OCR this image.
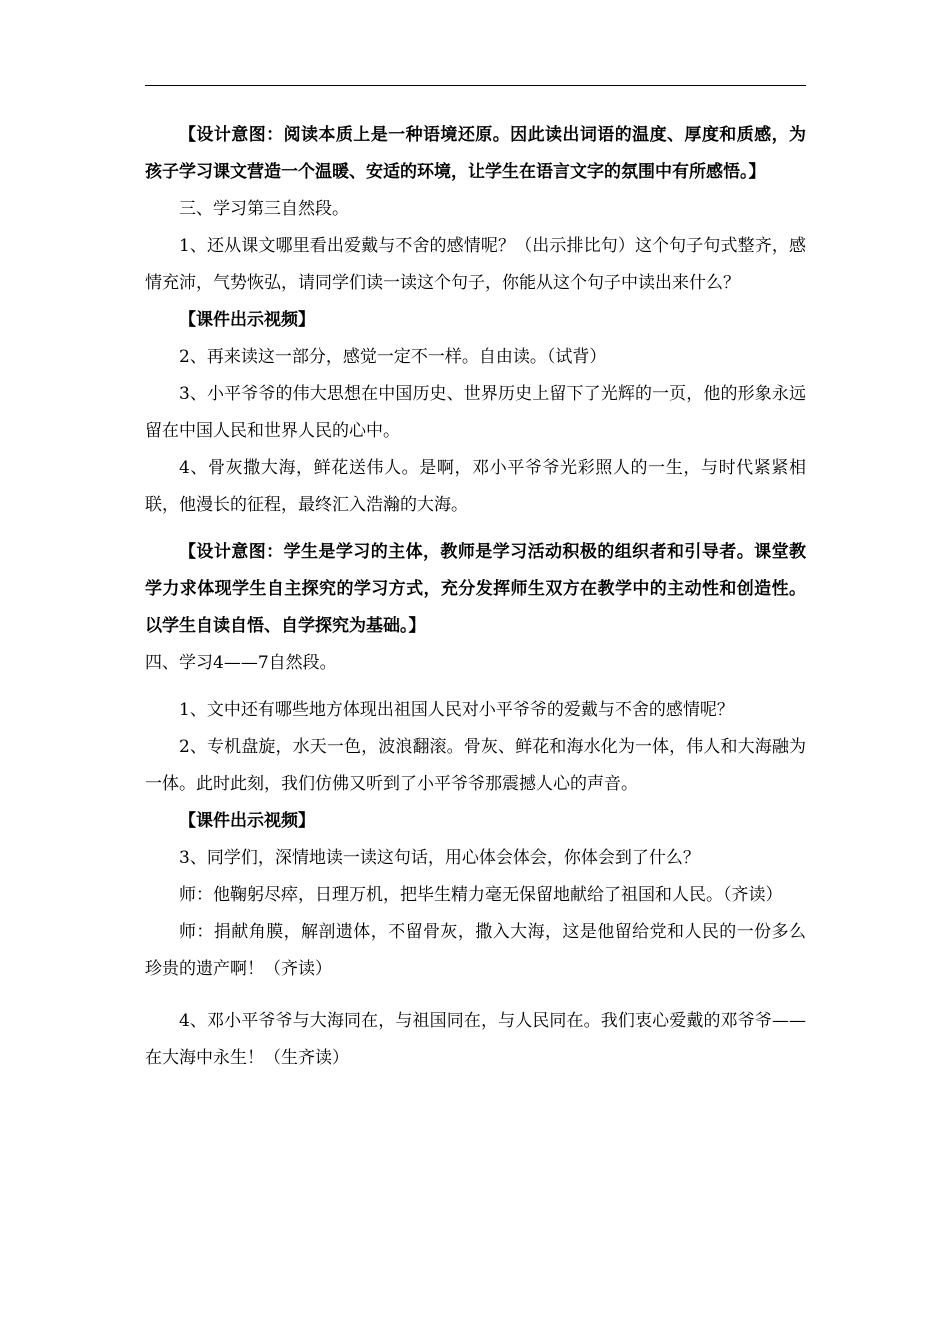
【设计意图：阅读本质上是一种语境还原。因此读出词语的温度、厚度和质感，为孩子学习课文营造一个温暖、安适的环境，让学生在语言文字的氛围中有所感悟。】

三、学习第三自然段。

1、还从课文哪里看出爱戴与不舍的感情呢？（出示排比句）这个句子句式整齐，感情充沛，气势恢弘，请同学们读一读这个句子，你能从这个句子中读出来什么？

【课件出示视频】

2、再来读这一部分，感觉一定不一样。自由读。（试背）

3、小平爷爷的伟大思想在中国历史、世界历史上留下了光辉的一页，他的形象永远留在中国人民和世界人民的心中。

4、骨灰撒大海，鲜花送伟人。是啊，邓小平爷爷光彩照人的一生，与时代紧紧相联，他漫长的征程，最终汇入浩瀚的大海。

【设计意图：学生是学习的主体，教师是学习活动积极的组织者和引导者。课堂教学力求体现学生自主探究的学习方式，充分发挥师生双方在教学中的主动性和创造性。以学生自读自悟、自学探究为基础。】

四、学习4——7自然段。

1、文中还有哪些地方体现出祖国人民对小平爷爷的爱戴与不舍的感情呢？

2、专机盘旋，水天一色，波浪翻滚。骨灰、鲜花和海水化为一体，伟人和大海融为一体。此时此刻，我们仿佛又听到了小平爷爷那震撼人心的声音。

【课件出示视频】

3、同学们，深情地读一读这句话，用心体会体会，你体会到了什么？

师：他鞠躬尽瘁，日理万机，把毕生精力毫无保留地献给了祖国和人民。（齐读）

师：捐献角膜，解剖遗体，不留骨灰，撒入大海，这是他留给党和人民的一份多么珍贵的遗产啊！（齐读）

4、邓小平爷爷与大海同在，与祖国同在，与人民同在。我们衷心爱戴的邓爷爷——在大海中永生！（生齐读）
